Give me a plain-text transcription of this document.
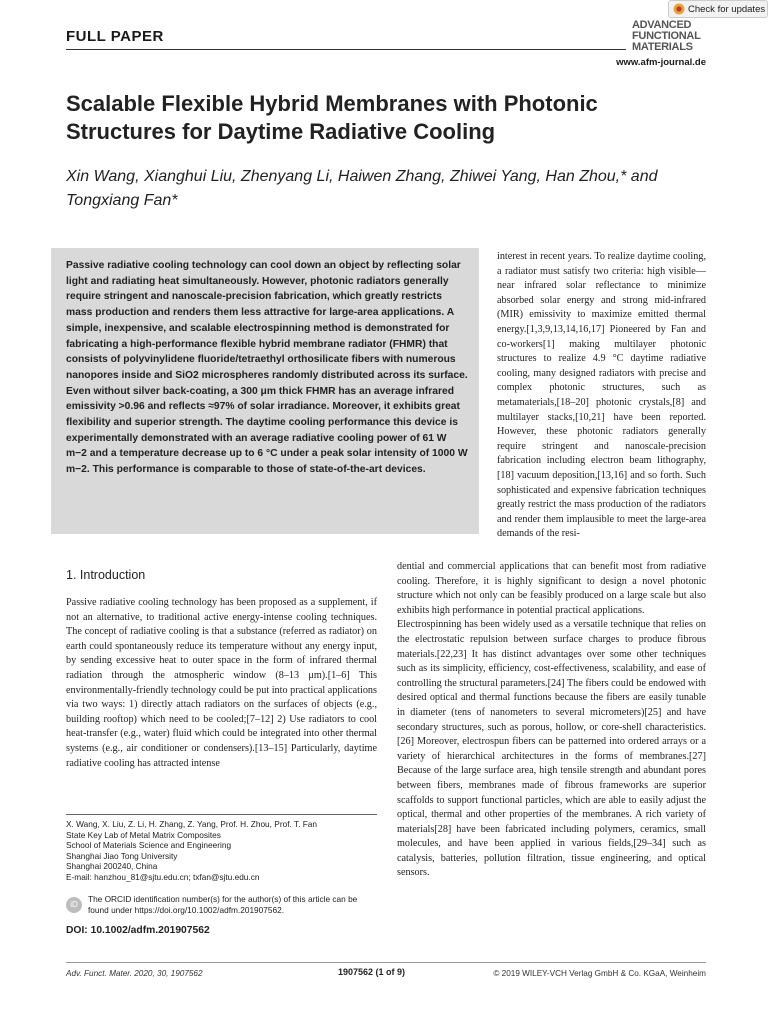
FULL PAPER
Check for updates
ADVANCED
FUNCTIONAL
MATERIALS
www.afm-journal.de
Scalable Flexible Hybrid Membranes with Photonic Structures for Daytime Radiative Cooling
Xin Wang, Xianghui Liu, Zhenyang Li, Haiwen Zhang, Zhiwei Yang, Han Zhou,* and Tongxiang Fan*
Passive radiative cooling technology can cool down an object by reflecting solar light and radiating heat simultaneously. However, photonic radiators generally require stringent and nanoscale-precision fabrication, which greatly restricts mass production and renders them less attractive for large-area applications. A simple, inexpensive, and scalable electrospinning method is demonstrated for fabricating a high-performance flexible hybrid membrane radiator (FHMR) that consists of polyvinylidene fluoride/tetraethyl orthosilicate fibers with numerous nanopores inside and SiO2 microspheres randomly distributed across its surface. Even without silver back-coating, a 300 μm thick FHMR has an average infrared emissivity >0.96 and reflects ≈97% of solar irradiance. Moreover, it exhibits great flexibility and superior strength. The daytime cooling performance this device is experimentally demonstrated with an average radiative cooling power of 61 W m−2 and a temperature decrease up to 6 °C under a peak solar intensity of 1000 W m−2. This performance is comparable to those of state-of-the-art devices.
interest in recent years. To realize daytime cooling, a radiator must satisfy two criteria: high visible—near infrared solar reflectance to minimize absorbed solar energy and strong mid-infrared (MIR) emissivity to maximize emitted thermal energy.[1,3,9,13,14,16,17] Pioneered by Fan and co-workers[1] making multilayer photonic structures to realize 4.9 °C daytime radiative cooling, many designed radiators with precise and complex photonic structures, such as metamaterials,[18–20] photonic crystals,[8] and multilayer stacks,[10,21] have been reported. However, these photonic radiators generally require stringent and nanoscale-precision fabrication including electron beam lithography,[18] vacuum deposition,[13,16] and so forth. Such sophisticated and expensive fabrication techniques greatly restrict the mass production of the radiators and render them implausible to meet the large-area demands of the resi-
1. Introduction
Passive radiative cooling technology has been proposed as a supplement, if not an alternative, to traditional active energy-intense cooling techniques. The concept of radiative cooling is that a substance (referred as radiator) on earth could spontaneously reduce its temperature without any energy input, by sending excessive heat to outer space in the form of infrared thermal radiation through the atmospheric window (8–13 μm).[1–6] This environmentally-friendly technology could be put into practical applications via two ways: 1) directly attach radiators on the surfaces of objects (e.g., building rooftop) which need to be cooled;[7–12] 2) Use radiators to cool heat-transfer (e.g., water) fluid which could be integrated into other thermal systems (e.g., air conditioner or condensers).[13–15] Particularly, daytime radiative cooling has attracted intense
dential and commercial applications that can benefit most from radiative cooling. Therefore, it is highly significant to design a novel photonic structure which not only can be feasibly produced on a large scale but also exhibits high performance in potential practical applications.
Electrospinning has been widely used as a versatile technique that relies on the electrostatic repulsion between surface charges to produce fibrous materials.[22,23] It has distinct advantages over some other techniques such as its simplicity, efficiency, cost-effectiveness, scalability, and ease of controlling the structural parameters.[24] The fibers could be endowed with desired optical and thermal functions because the fibers are easily tunable in diameter (tens of nanometers to several micrometers)[25] and have secondary structures, such as porous, hollow, or core-shell characteristics.[26] Moreover, electrospun fibers can be patterned into ordered arrays or a variety of hierarchical architectures in the forms of membranes.[27] Because of the large surface area, high tensile strength and abundant pores between fibers, membranes made of fibrous frameworks are superior scaffolds to support functional particles, which are able to easily adjust the optical, thermal and other properties of the membranes. A rich variety of materials[28] have been fabricated including polymers, ceramics, small molecules, and have been applied in various fields,[29–34] such as catalysis, batteries, pollution filtration, tissue engineering, and optical sensors.
X. Wang, X. Liu, Z. Li, H. Zhang, Z. Yang, Prof. H. Zhou, Prof. T. Fan
State Key Lab of Metal Matrix Composites
School of Materials Science and Engineering
Shanghai Jiao Tong University
Shanghai 200240, China
E-mail: hanzhou_81@sjtu.edu.cn; txfan@sjtu.edu.cn
iD
The ORCID identification number(s) for the author(s) of this article can be found under https://doi.org/10.1002/adfm.201907562.
DOI: 10.1002/adfm.201907562
Adv. Funct. Mater. 2020, 30, 1907562	1907562 (1 of 9)	© 2019 WILEY-VCH Verlag GmbH & Co. KGaA, Weinheim
